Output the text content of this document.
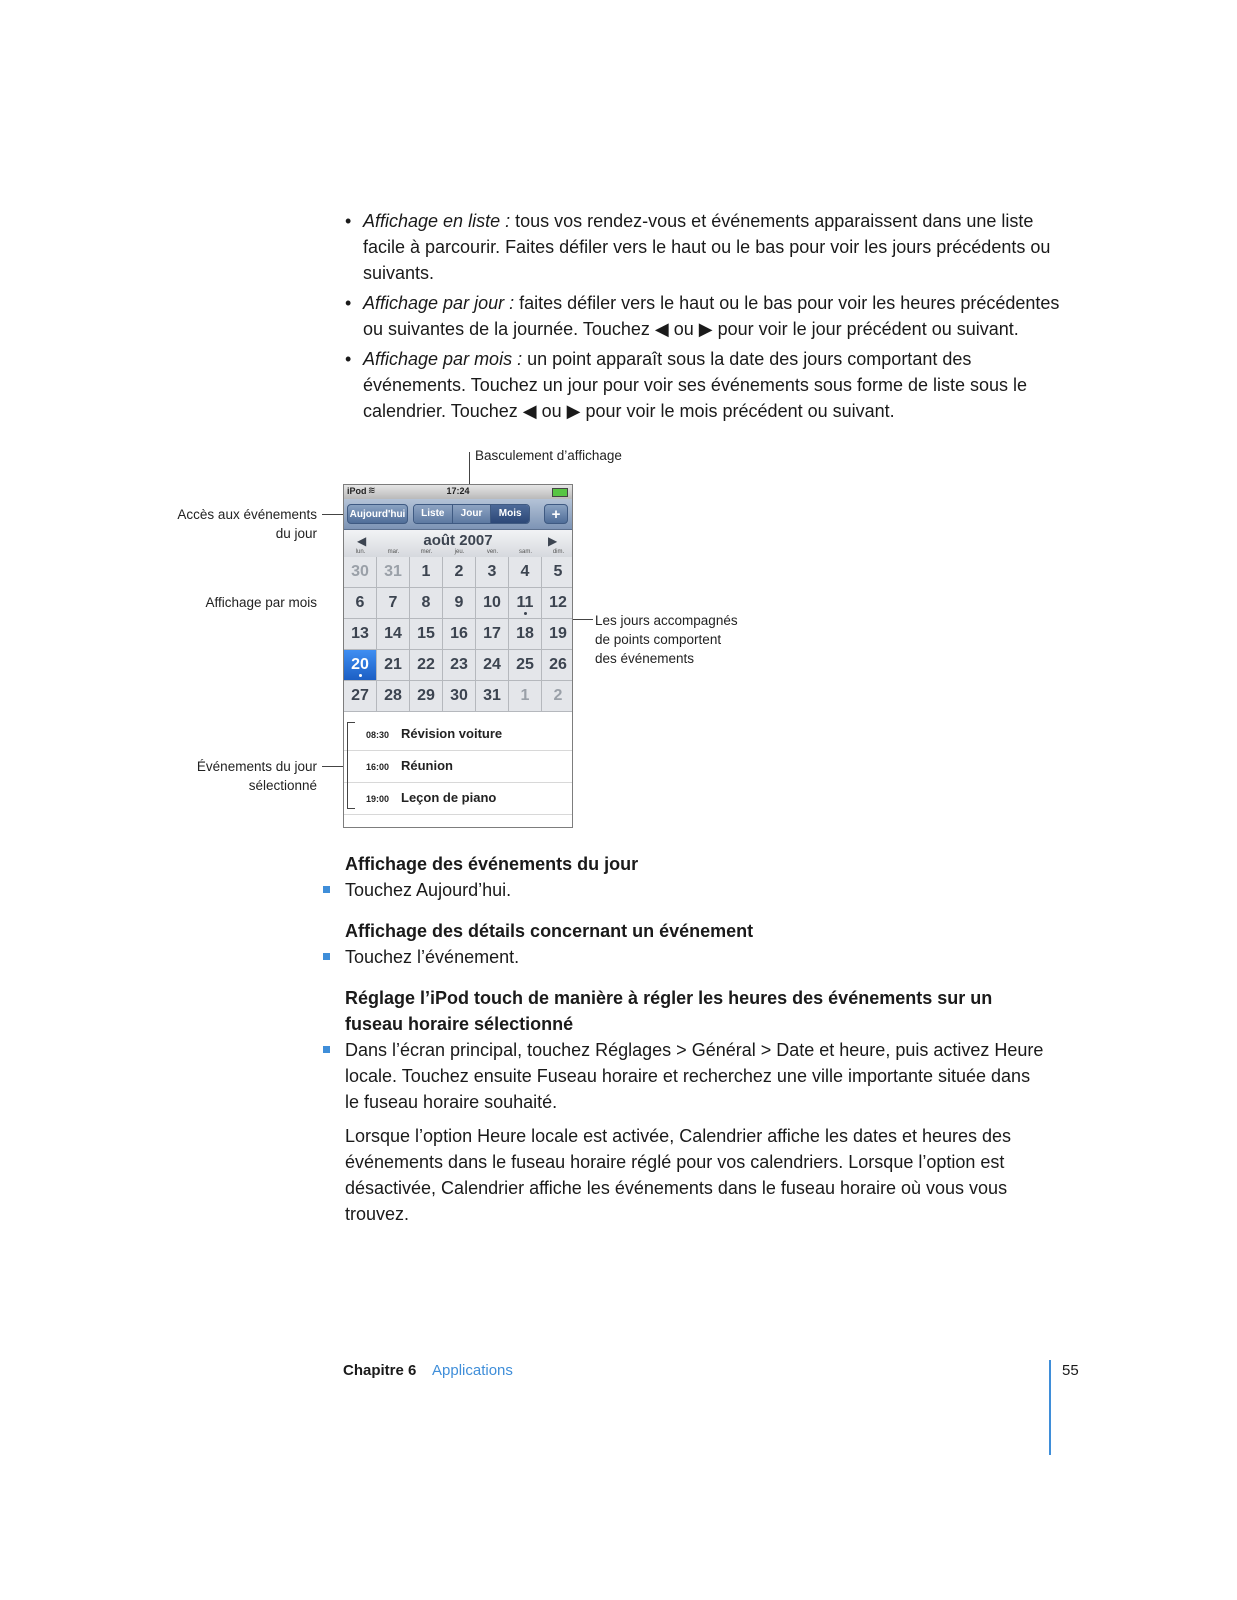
• Affichage en liste : tous vos rendez-vous et événements apparaissent dans une liste facile à parcourir. Faites défiler vers le haut ou le bas pour voir les jours précédents ou suivants.
• Affichage par jour : faites défiler vers le haut ou le bas pour voir les heures précédentes ou suivantes de la journée. Touchez ◀ ou ▶ pour voir le jour précédent ou suivant.
• Affichage par mois : un point apparaît sous la date des jours comportant des événements. Touchez un jour pour voir ses événements sous forme de liste sous le calendrier. Touchez ◀ ou ▶ pour voir le mois précédent ou suivant.
Basculement d’affichage
Accès aux événements
du jour
Affichage par mois
Les jours accompagnés
de points comportent
des événements
Événements du jour
sélectionné
iPod ≋	17:24
Aujourd'hui	Liste	Jour	Mois	+
◀	août 2007	▶
lun.	mar.	mer.	jeu.	ven.	sam.	dim.
30 31	1	2	3	4	5
6	7	8	9	10 11 12
13 14 15 16 17 18 19
20 21 22 23 24 25 26
27 28 29 30 31	1	2
08:30 Révision voiture
16:00 Réunion
19:00 Leçon de piano
Affichage des événements du jour
Touchez Aujourd’hui.
Affichage des détails concernant un événement
Touchez l’événement.
Réglage l’iPod touch de manière à régler les heures des événements sur un fuseau horaire sélectionné
Dans l’écran principal, touchez Réglages > Général > Date et heure, puis activez Heure locale. Touchez ensuite Fuseau horaire et recherchez une ville importante située dans le fuseau horaire souhaité.
Lorsque l’option Heure locale est activée, Calendrier affiche les dates et heures des événements dans le fuseau horaire réglé pour vos calendriers. Lorsque l’option est désactivée, Calendrier affiche les événements dans le fuseau horaire où vous vous trouvez.
Chapitre 6 Applications	55
